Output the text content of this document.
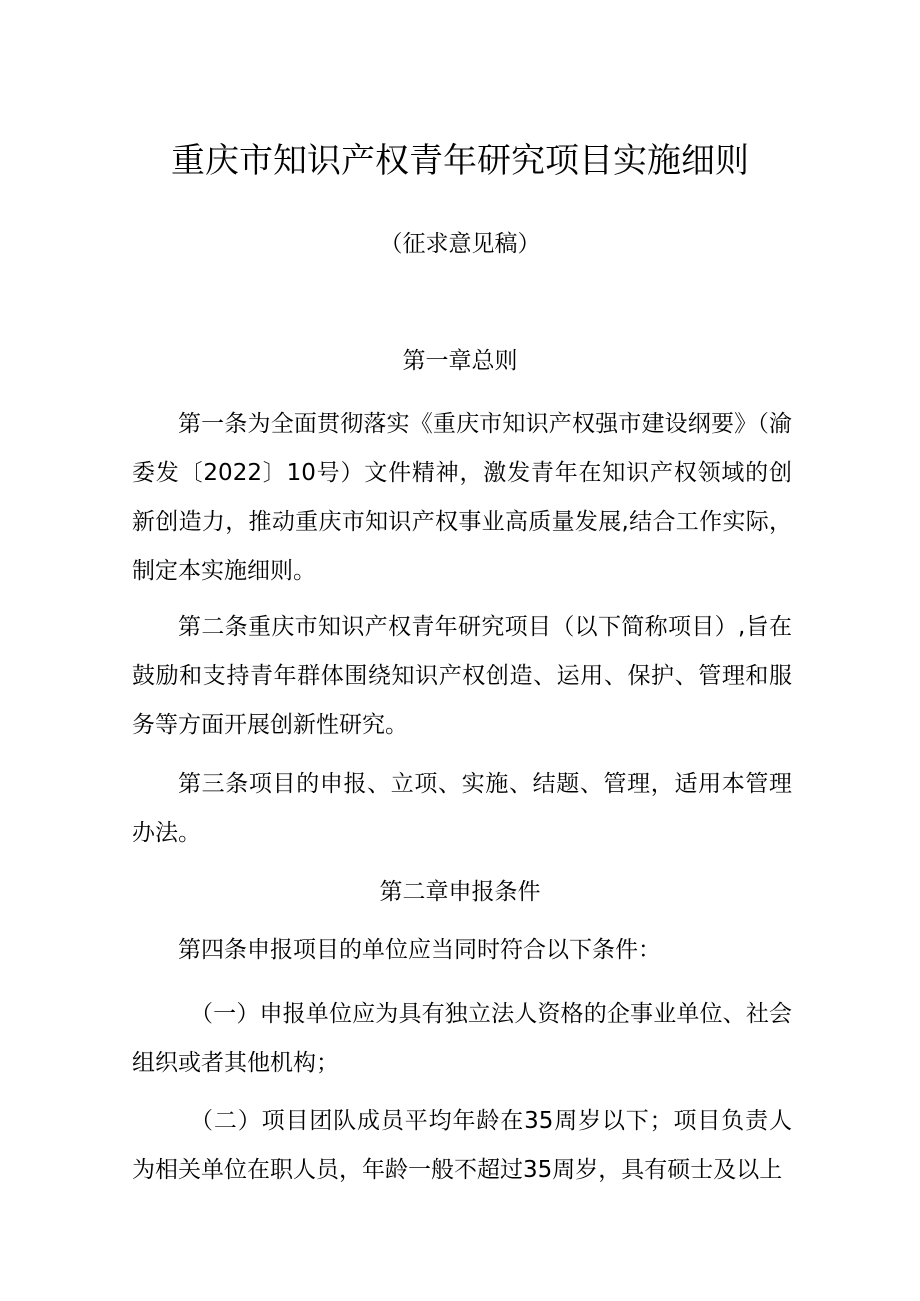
重庆市知识产权青年研究项目实施细则
（征求意见稿）
第一章总则

第一条为全面贯彻落实《重庆市知识产权强市建设纲要》（渝委发〔2022〕10号）文件精神，激发青年在知识产权领域的创新创造力，推动重庆市知识产权事业高质量发展,结合工作实际，制定本实施细则。

第二条重庆市知识产权青年研究项目（以下简称项目）,旨在鼓励和支持青年群体围绕知识产权创造、运用、保护、管理和服务等方面开展创新性研究。

第三条项目的申报、立项、实施、结题、管理，适用本管理办法。

第二章申报条件

第四条申报项目的单位应当同时符合以下条件：

（一）申报单位应为具有独立法人资格的企事业单位、社会组织或者其他机构；

（二）项目团队成员平均年龄在35周岁以下；项目负责人为相关单位在职人员，年龄一般不超过35周岁，具有硕士及以上
